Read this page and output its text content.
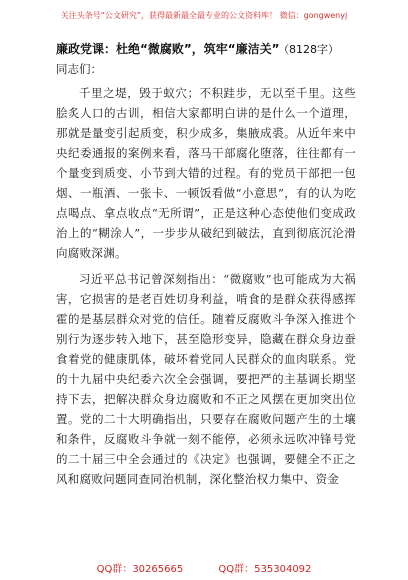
关注头条号“公文研究”，获得最新最全最专业的公文资料库！ 微信：gongwenyj
廉政党课：杜绝“微腐败”，筑牢“廉洁关” （8128字）
同志们：

千里之堤，毁于蚁穴；不积跬步，无以至千里。这些脍炙人口的古训，相信大家都明白讲的是什么一个道理，那就是量变引起质变，积少成多，集腋成裘。从近年来中央纪委通报的案例来看，落马干部腐化堕落，往往都有一个量变到质变、小节到大错的过程。有的党员干部把一包烟、一瓶酒、一张卡、一顿饭看做“小意思”，有的认为吃点喝点、拿点收点“无所谓”，正是这种心态使他们变成政治上的“糊涂人”，一步步从破纪到破法，直到彻底沉沦滑向腐败深渊。

习近平总书记曾深刻指出：“微腐败”也可能成为大祸害，它损害的是老百姓切身利益，啃食的是群众获得感挥霍的是基层群众对党的信任。随着反腐败斗争深入推进个别行为逐步转入地下，甚至隐形变异，隐藏在群众身边蚕食着党的健康肌体，破坏着党同人民群众的血肉联系。党的十九届中央纪委六次全会强调，要把严的主基调长期坚持下去，把解决群众身边腐败和不正之风摆在更加突出位置。党的二十大明确指出，只要存在腐败问题产生的土壤和条件，反腐败斗争就一刻不能停，必须永远吹冲锋号党的二十届三中全会通过的《决定》也强调，要健全不正之风和腐败问题同查同治机制，深化整治权力集中、资金

QQ群：30265665	QQ群：535304092
